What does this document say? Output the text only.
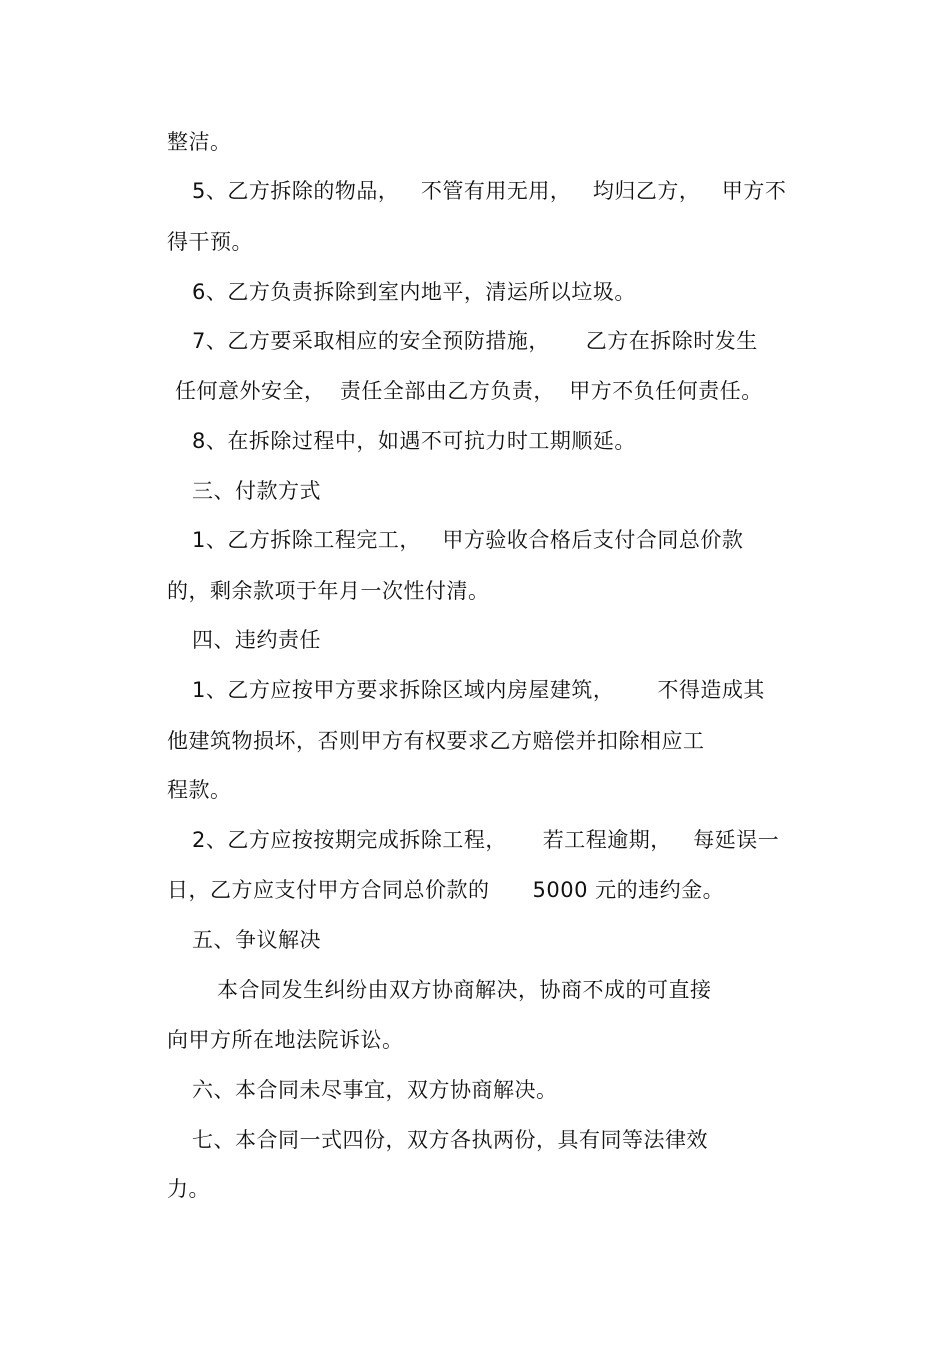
整洁。
5、乙方拆除的物品，   不管有用无用，   均归乙方，   甲方不
得干预。
6、乙方负责拆除到室内地平，清运所以垃圾。
7、乙方要采取相应的安全预防措施，     乙方在拆除时发生
任何意外安全，  责任全部由乙方负责，  甲方不负任何责任。
8、在拆除过程中，如遇不可抗力时工期顺延。
三、付款方式
1、乙方拆除工程完工，   甲方验收合格后支付合同总价款
的，剩余款项于年月一次性付清。
四、违约责任
1、乙方应按甲方要求拆除区域内房屋建筑，      不得造成其
他建筑物损坏，否则甲方有权要求乙方赔偿并扣除相应工
程款。
2、乙方应按按期完成拆除工程，     若工程逾期，   每延误一
日，乙方应支付甲方合同总价款的      5000 元的违约金。
五、争议解决
本合同发生纠纷由双方协商解决，协商不成的可直接
向甲方所在地法院诉讼。
六、本合同未尽事宜，双方协商解决。
七、本合同一式四份，双方各执两份，具有同等法律效
力。
